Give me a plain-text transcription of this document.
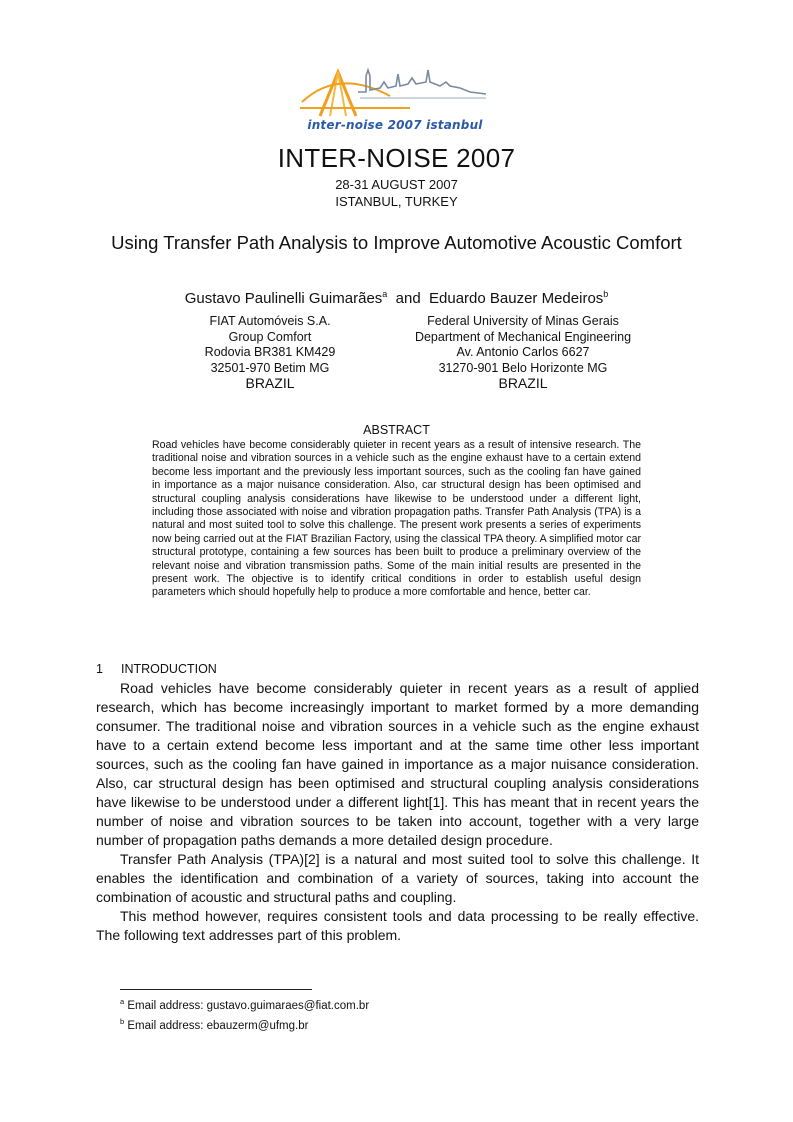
inter-noise 2007 istanbul
INTER-NOISE 2007
28-31 AUGUST 2007
ISTANBUL, TURKEY
Using Transfer Path Analysis to Improve Automotive Acoustic Comfort
Gustavo Paulinelli Guimarães$^a$ and Eduardo Bauzer Medeiros$^b$
FIAT Automóveis S.A.
Group Comfort
Rodovia BR381 KM429
32501-970 Betim MG
BRAZIL
Federal University of Minas Gerais
Department of Mechanical Engineering
Av. Antonio Carlos 6627
31270-901 Belo Horizonte MG
BRAZIL
ABSTRACT
Road vehicles have become considerably quieter in recent years as a result of intensive research. The traditional noise and vibration sources in a vehicle such as the engine exhaust have to a certain extend become less important and the previously less important sources, such as the cooling fan have gained in importance as a major nuisance consideration. Also, car structural design has been optimised and structural coupling analysis considerations have likewise to be understood under a different light, including those associated with noise and vibration propagation paths. Transfer Path Analysis (TPA) is a natural and most suited tool to solve this challenge. The present work presents a series of experiments now being carried out at the FIAT Brazilian Factory, using the classical TPA theory. A simplified motor car structural prototype, containing a few sources has been built to produce a preliminary overview of the relevant noise and vibration transmission paths. Some of the main initial results are presented in the present work. The objective is to identify critical conditions in order to establish useful design parameters which should hopefully help to produce a more comfortable and hence, better car.
1 INTRODUCTION

Road vehicles have become considerably quieter in recent years as a result of applied research, which has become increasingly important to market formed by a more demanding consumer. The traditional noise and vibration sources in a vehicle such as the engine exhaust have to a certain extend become less important and at the same time other less important sources, such as the cooling fan have gained in importance as a major nuisance consideration. Also, car structural design has been optimised and structural coupling analysis considerations have likewise to be understood under a different light[1]. This has meant that in recent years the number of noise and vibration sources to be taken into account, together with a very large number of propagation paths demands a more detailed design procedure.

Transfer Path Analysis (TPA)[2] is a natural and most suited tool to solve this challenge. It enables the identification and combination of a variety of sources, taking into account the combination of acoustic and structural paths and coupling.

This method however, requires consistent tools and data processing to be really effective. The following text addresses part of this problem.

$^a$ Email address: gustavo.guimaraes@fiat.com.br
$^b$ Email address: ebauzerm@ufmg.br
